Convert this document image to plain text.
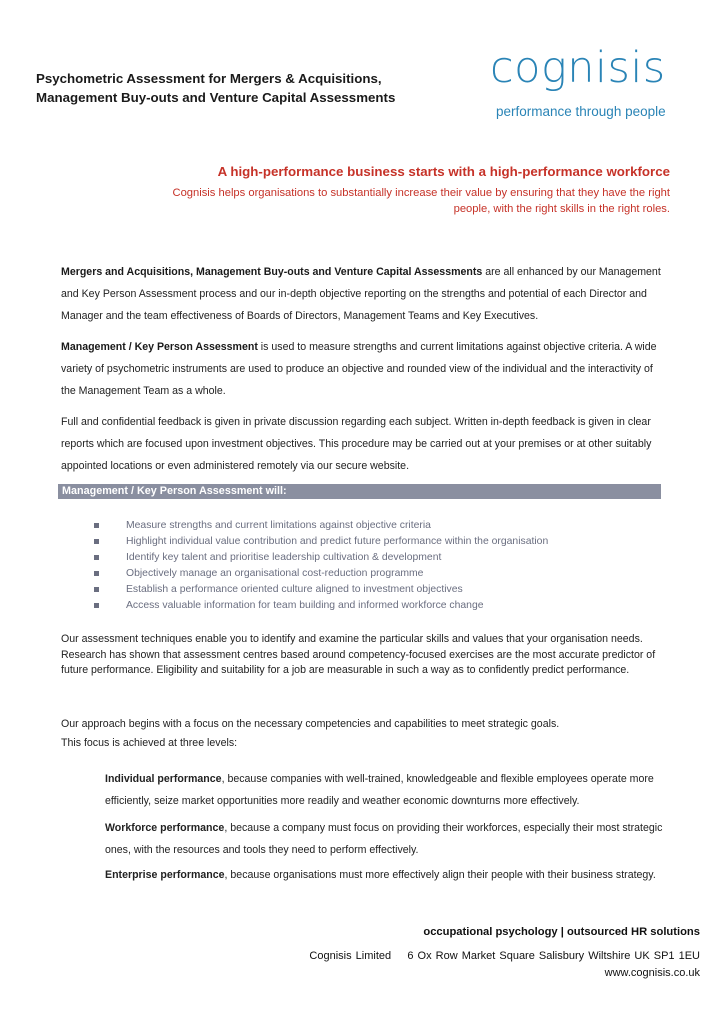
Psychometric Assessment for Mergers & Acquisitions,
Management Buy-outs and Venture Capital Assessments
cognisis
performance through people
A high-performance business starts with a high-performance workforce
Cognisis helps organisations to substantially increase their value by ensuring that they have the right people, with the right skills in the right roles.
Mergers and Acquisitions, Management Buy-outs and Venture Capital Assessments are all enhanced by our Management and Key Person Assessment process and our in-depth objective reporting on the strengths and potential of each Director and Manager and the team effectiveness of Boards of Directors, Management Teams and Key Executives.
Management / Key Person Assessment is used to measure strengths and current limitations against objective criteria. A wide variety of psychometric instruments are used to produce an objective and rounded view of the individual and the interactivity of the Management Team as a whole.
Full and confidential feedback is given in private discussion regarding each subject. Written in-depth feedback is given in clear reports which are focused upon investment objectives. This procedure may be carried out at your premises or at other suitably appointed locations or even administered remotely via our secure website.
Management / Key Person Assessment will:
Measure strengths and current limitations against objective criteria
Highlight individual value contribution and predict future performance within the organisation
Identify key talent and prioritise leadership cultivation & development
Objectively manage an organisational cost-reduction programme
Establish a performance oriented culture aligned to investment objectives
Access valuable information for team building and informed workforce change
Our assessment techniques enable you to identify and examine the particular skills and values that your organisation needs. Research has shown that assessment centres based around competency-focused exercises are the most accurate predictor of future performance. Eligibility and suitability for a job are measurable in such a way as to confidently predict performance.
Our approach begins with a focus on the necessary competencies and capabilities to meet strategic goals.
This focus is achieved at three levels:
Individual performance, because companies with well-trained, knowledgeable and flexible employees operate more efficiently, seize market opportunities more readily and weather economic downturns more effectively.
Workforce performance, because a company must focus on providing their workforces, especially their most strategic ones, with the resources and tools they need to perform effectively.
Enterprise performance, because organisations must more effectively align their people with their business strategy.
occupational psychology | outsourced HR solutions
Cognisis Limited 6 Ox Row Market Square Salisbury Wiltshire UK SP1 1EU
www.cognisis.co.uk
